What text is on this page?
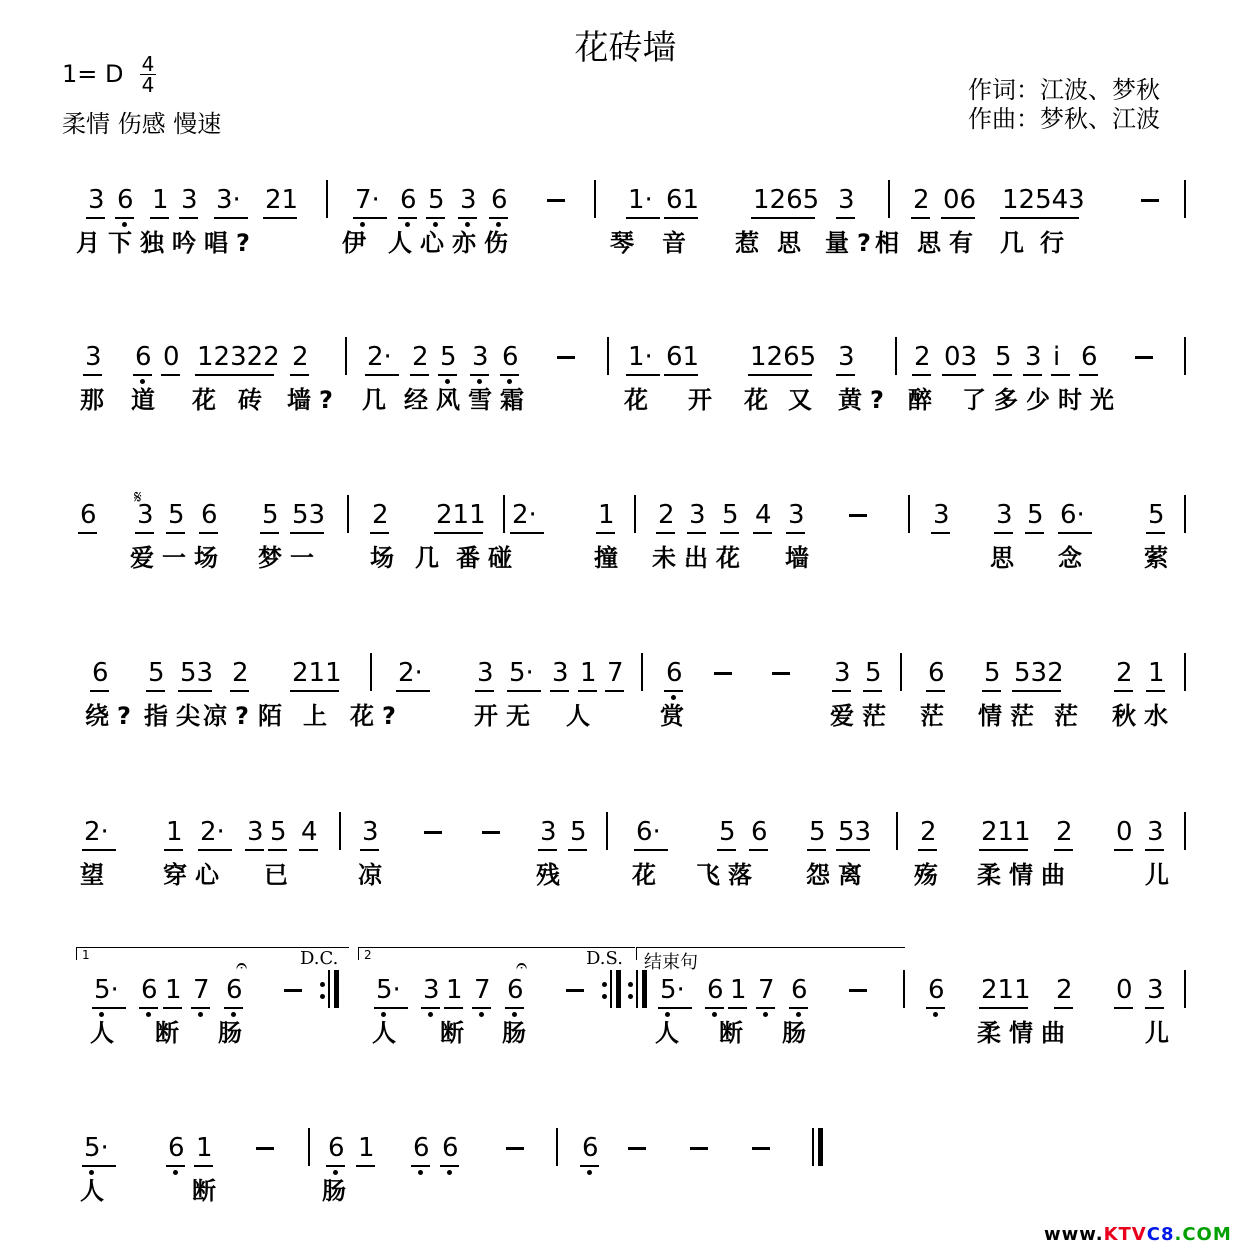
花砖墙
1= D 4
4
柔情 伤感 慢速
作词：江波、梦秋
作曲：梦秋、江波
3 6 1 3 3· 21 7· 6 5 3 6	1· 61 1265 3 2 06 12543
月下独吟唱?	伊 人心亦伤	琴 音 惹 思 量?
相 思有 几 行
3 6 0 12322 2 2· 2 5 3 6	1· 61 1265 3 2 03 5 3 i 6
那 道 花 砖 墙? 几 经风雪霜	花 开 花 又 黄? 醉 了多少时光
6 3 5 6 5 53 2 211 2· 1 2 3 5 4 3	3 3 5 6· 5
𝄋
爱一场 梦一 场 几 番碰	撞 未出花 墙	思 念 萦
6 5 53 2 211 2· 3 5· 3 1 7 6	3 5 6 5 532 2 1
绕? 指尖
凉? 陌 上 花?	开无 人	赏	爱茫 茫 情茫 茫 秋水
2· 1 2· 3 5 4 3	3 5 6· 5 6 5 53 2 211 2 0 3
望 穿心 已	凉	残	花 飞落 怨离 殇 柔情曲	儿
5· 6 1 7 6	5· 3 1 7 6	5· 6 1 7 6	6 211 2 0 3
1	D.C. 2	D.S. 结束句
𝄐	𝄐
人 断 肠	人 断 肠	人 断 肠	柔情曲	儿
5· 6 1	6 1 6 6	6
人	断	肠
www.KTVC8.COM
